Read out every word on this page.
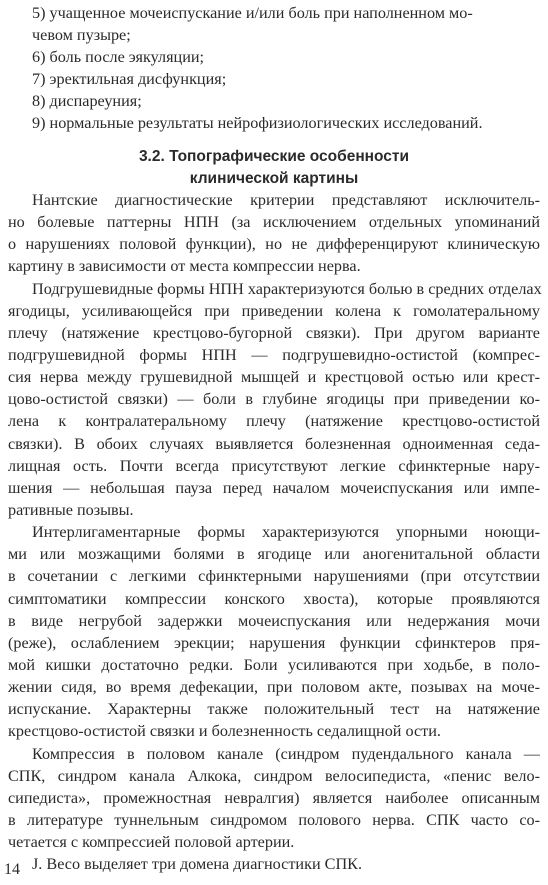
5) учащенное мочеиспускание и/или боль при наполненном мо-
чевом пузыре;
6) боль после эякуляции;
7) эректильная дисфункция;
8) диспареуния;
9) нормальные результаты нейрофизиологических исследований.
3.2. Топографические особенности
клинической картины
Нантские диагностические критерии представляют исключитель-
но болевые паттерны НПН (за исключением отдельных упоминаний
о нарушениях половой функции), но не дифференцируют клиническую
картину в зависимости от места компрессии нерва.
Подгрушевидные формы НПН характеризуются болью в средних отделах
ягодицы, усиливающейся при приведении колена к гомолатеральному
плечу (натяжение крестцово-бугорной связки). При другом варианте
подгрушевидной формы НПН — подгрушевидно-остистой (компрес-
сия нерва между грушевидной мышцей и крестцовой остью или крест-
цово-остистой связки) — боли в глубине ягодицы при приведении ко-
лена к контралатеральному плечу (натяжение крестцово-остистой
связки). В обоих случаях выявляется болезненная одноименная седа-
лищная ость. Почти всегда присутствуют легкие сфинктерные нару-
шения — небольшая пауза перед началом мочеиспускания или импе-
ративные позывы.
Интерлигаментарные формы характеризуются упорными ноющи-
ми или мозжащими болями в ягодице или аногенитальной области
в сочетании с легкими сфинктерными нарушениями (при отсутствии
симптоматики компрессии конского хвоста), которые проявляются
в виде негрубой задержки мочеиспускания или недержания мочи
(реже), ослаблением эрекции; нарушения функции сфинктеров пря-
мой кишки достаточно редки. Боли усиливаются при ходьбе, в поло-
жении сидя, во время дефекации, при половом акте, позывах на моче-
испускание. Характерны также положительный тест на натяжение
крестцово-остистой связки и болезненность седалищной ости.
Компрессия в половом канале (синдром пудендального канала —
СПК, синдром канала Алкока, синдром велосипедиста, «пенис вело-
сипедиста», промежностная невралгия) является наиболее описанным
в литературе туннельным синдромом полового нерва. СПК часто со-
четается с компрессией половой артерии.
J. Весо выделяет три домена диагностики СПК.
14
